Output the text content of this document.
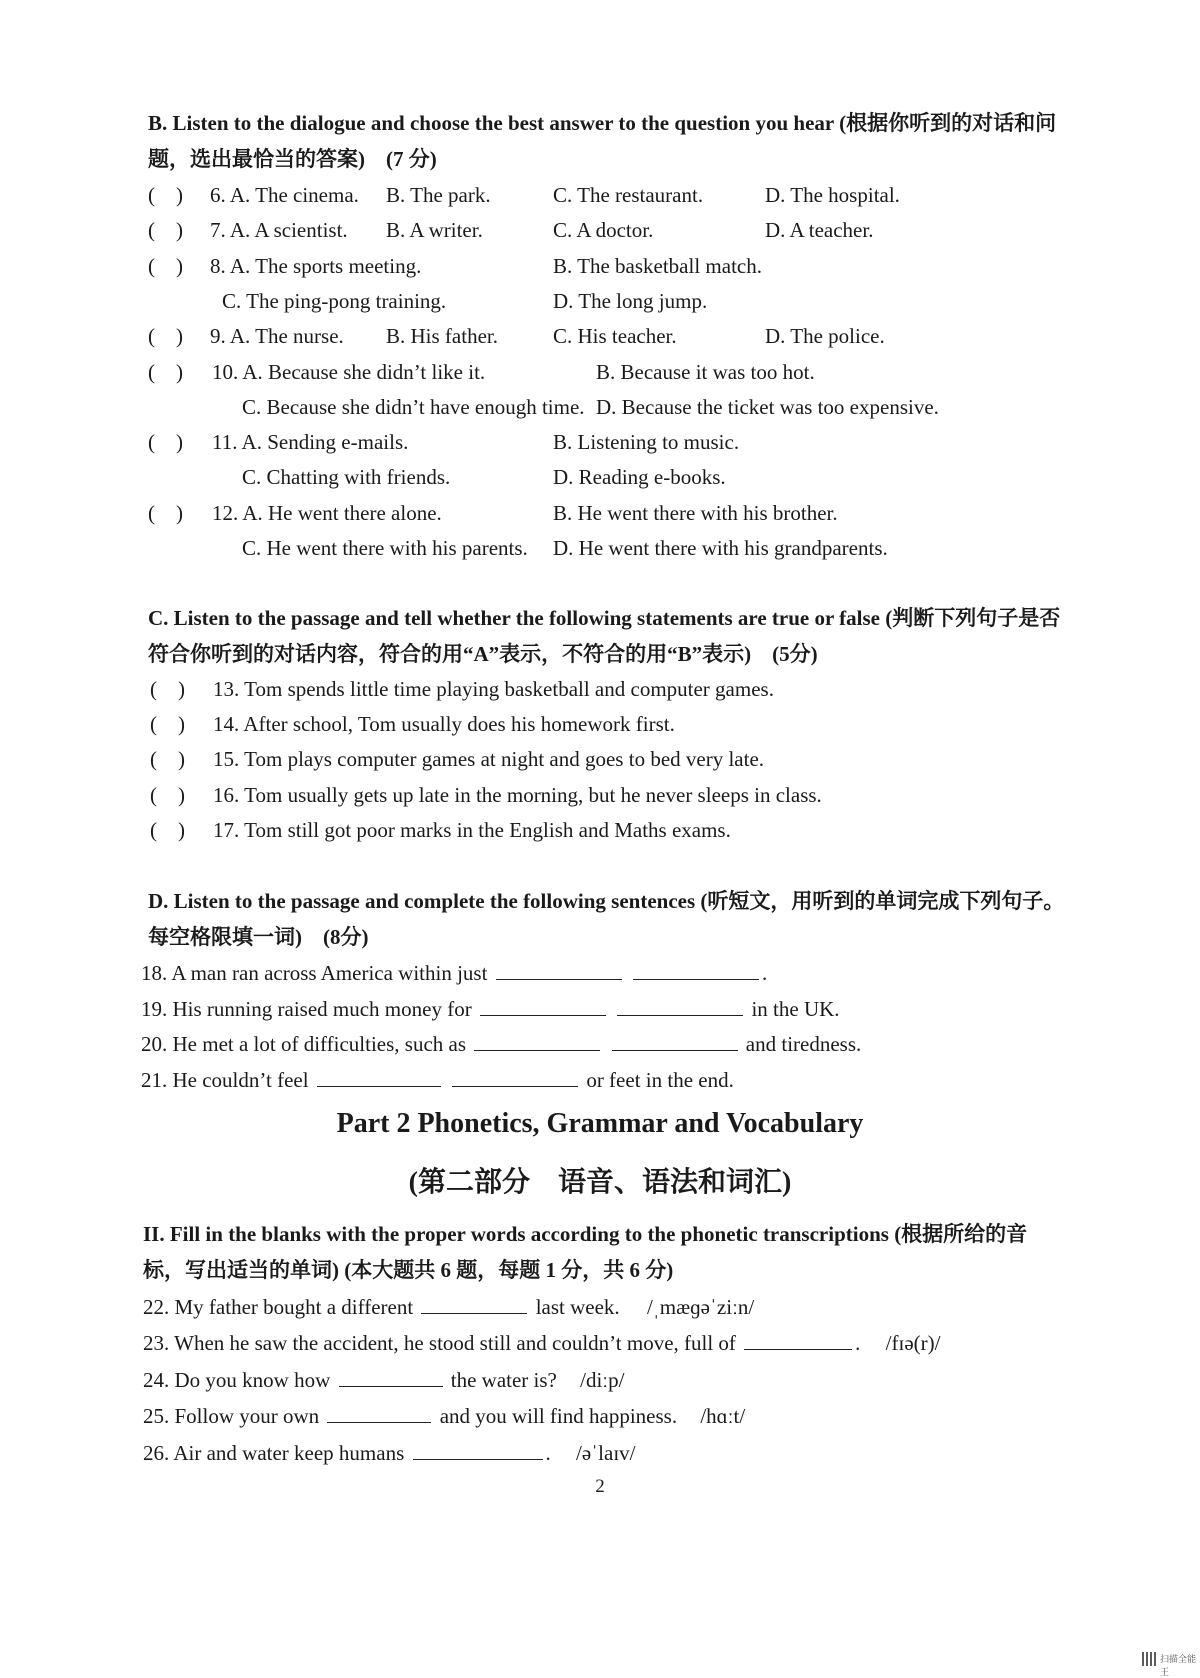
B. Listen to the dialogue and choose the best answer to the question you hear (根据你听到的对话和问题，选出最恰当的答案)　(7 分)
(　) 6. A. The cinema. B. The park.	C. The restaurant.	D. The hospital.
(　) 7. A. A scientist. B. A writer.	C. A doctor.	D. A teacher.
(　) 8. A. The sports meeting.	B. The basketball match.
C. The ping-pong training.	D. The long jump.
(　) 9. A. The nurse. B. His father.	C. His teacher.	D. The police.
(　) 10. A. Because she didn’t like it.	B. Because it was too hot.
C. Because she didn’t have enough time. D. Because the ticket was too expensive.
(　) 11. A. Sending e-mails.	B. Listening to music.
C. Chatting with friends.	D. Reading e-books.
(　) 12. A. He went there alone.	B. He went there with his brother.
C. He went there with his parents. D. He went there with his grandparents.
C. Listen to the passage and tell whether the following statements are true or false (判断下列句子是否符合你听到的对话内容，符合的用“A”表示，不符合的用“B”表示)　(5分)
(　) 13. Tom spends little time playing basketball and computer games.
(　) 14. After school, Tom usually does his homework first.
(　) 15. Tom plays computer games at night and goes to bed very late.
(　) 16. Tom usually gets up late in the morning, but he never sleeps in class.
(　) 17. Tom still got poor marks in the English and Maths exams.
D. Listen to the passage and complete the following sentences (听短文，用听到的单词完成下列句子。每空格限填一词)　(8分)
18. A man ran across America within just	.
19. His running raised much money for	in the UK.
20. He met a lot of difficulties, such as	and tiredness.
21. He couldn’t feel	or feet in the end.
Part 2 Phonetics, Grammar and Vocabulary
(第二部分　语音、语法和词汇)
II. Fill in the blanks with the proper words according to the phonetic transcriptions (根据所给的音标，写出适当的单词) (本大题共 6 题，每题 1 分，共 6 分)
22. My father bought a different	last week. /ˌmæɡəˈziːn/
23. When he saw the accident, he stood still and couldn’t move, full of	. /fɪə(r)/
24. Do you know how	the water is? /diːp/
25. Follow your own	and you will find happiness. /hɑːt/
26. Air and water keep humans	. /əˈlaɪv/
2
扫描全能王
